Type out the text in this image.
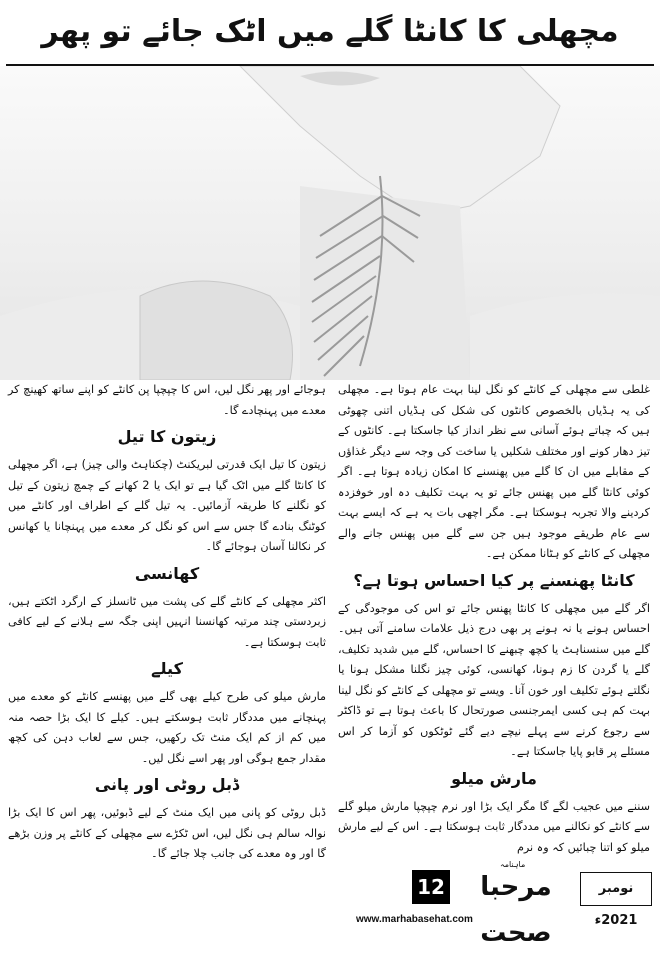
مچھلی کا کانٹا گلے میں اٹک جائے تو پھر

غلطی سے مچھلی کے کانٹے کو نگل لینا بہت عام ہوتا ہے۔ مچھلی کی یہ ہڈیاں بالخصوص کانٹوں کی شکل کی ہڈیاں اتنی چھوٹی ہیں کہ چباتے ہوئے آسانی سے نظر انداز کیا جاسکتا ہے۔ کانٹوں کے تیز دھار کونے اور مختلف شکلیں یا ساخت کی وجہ سے دیگر غذاؤں کے مقابلے میں ان کا گلے میں پھنسنے کا امکان زیادہ ہوتا ہے۔ اگر کوئی کانٹا گلے میں پھنس جائے تو یہ بہت تکلیف دہ اور خوفزدہ کردینے والا تجربہ ہوسکتا ہے۔ مگر اچھی بات یہ ہے کہ ایسے بہت سے عام طریقے موجود ہیں جن سے گلے میں پھنس جانے والے مچھلی کے کانٹے کو ہٹانا ممکن ہے۔

کانٹا پھنسنے پر کیا احساس ہوتا ہے؟

اگر گلے میں مچھلی کا کانٹا پھنس جائے تو اس کی موجودگی کے احساس ہونے یا نہ ہونے پر بھی درج ذیل علامات سامنے آتی ہیں۔ گلے میں سنسناہٹ یا کچھ چبھنے کا احساس، گلے میں شدید تکلیف، گلے یا گردن کا زم ہونا، کھانسی، کوئی چیز نگلنا مشکل ہونا یا نگلتے ہوئے تکلیف اور خون آنا۔ ویسے تو مچھلی کے کانٹے کو نگل لینا بہت کم ہی کسی ایمرجنسی صورتحال کا باعث ہوتا ہے تو ڈاکٹر سے رجوع کرنے سے پہلے نیچے دیے گئے ٹوٹکوں کو آزما کر اس مسئلے پر قابو پایا جاسکتا ہے۔

مارش میلو

سننے میں عجیب لگے گا مگر ایک بڑا اور نرم چپچپا مارش میلو گلے سے کانٹے کو نکالنے میں مددگار ثابت ہوسکتا ہے۔ اس کے لیے مارش میلو کو اتنا چبائیں کہ وہ نرم

ہوجائے اور پھر نگل لیں، اس کا چپچپا پن کانٹے کو اپنے ساتھ کھینچ کر معدے میں پہنچادے گا۔

زیتون کا تیل

زیتون کا تیل ایک قدرتی لبریکنٹ (چکناہٹ والی چیز) ہے، اگر مچھلی کا کانٹا گلے میں اٹک گیا ہے تو ایک یا 2 کھانے کے چمچ زیتون کے تیل کو نگلنے کا طریقہ آزمائیں۔ یہ تیل گلے کے اطراف اور کانٹے میں کوٹنگ بنادے گا جس سے اس کو نگل کر معدے میں پہنچانا یا کھانس کر نکالنا آسان ہوجائے گا۔

کھانسی

اکثر مچھلی کے کانٹے گلے کی پشت میں ٹانسلز کے ارگرد اٹکتے ہیں، زبردستی چند مرتبہ کھانسنا انہیں اپنی جگہ سے ہلانے کے لیے کافی ثابت ہوسکتا ہے۔

کیلے

مارش میلو کی طرح کیلے بھی گلے میں پھنسے کانٹے کو معدے میں پہنچانے میں مددگار ثابت ہوسکتے ہیں۔ کیلے کا ایک بڑا حصہ منہ میں کم از کم ایک منٹ تک رکھیں، جس سے لعاب دہن کی کچھ مقدار جمع ہوگی اور پھر اسے نگل لیں۔

ڈبل روٹی اور پانی

ڈبل روٹی کو پانی میں ایک منٹ کے لیے ڈبوئیں، پھر اس کا ایک بڑا نوالہ سالم ہی نگل لیں، اس ٹکڑے سے مچھلی کے کانٹے پر وزن بڑھے گا اور وہ معدے کی جانب چلا جائے گا۔

12
ماہنامہ
مرحبا صحت
نومبر 2021ء
www.marhabasehat.com
